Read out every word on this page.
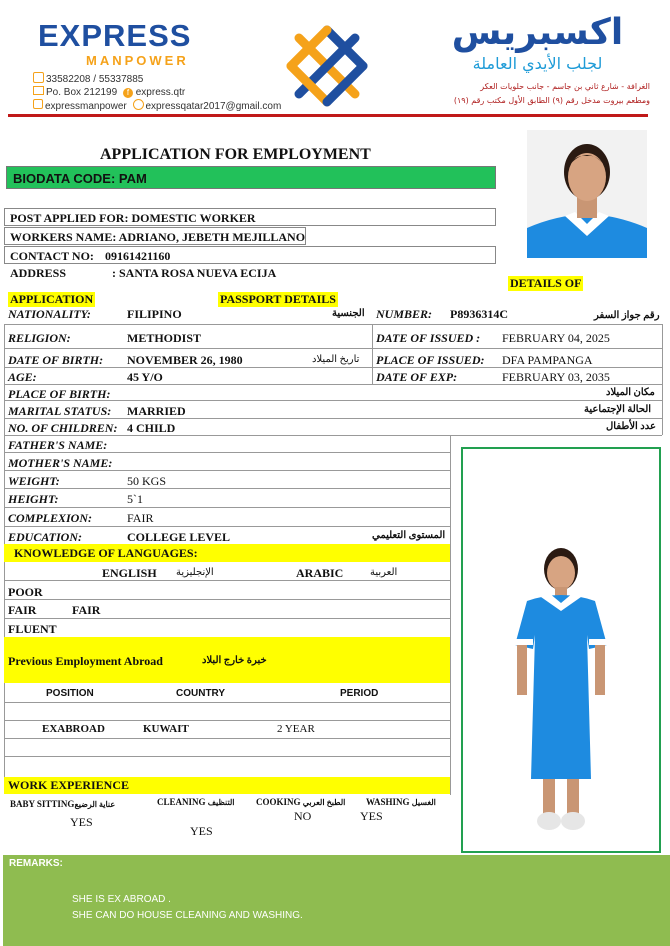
EXPRESS
MANPOWER
33582208 / 55337885
Po. Box 212199 f express.qtr
expressmanpower expressqatar2017@gmail.com
اكسبريس
لجلب الأيدي العاملة
الغرافة - شارع ثاني بن جاسم - جانب حلويات العكر
ومطعم بيروت مدخل رقم (٩) الطابق الأول مكتب رقم (١٩)
APPLICATION FOR EMPLOYMENT
BIODATA CODE: PAM
POST APPLIED FOR: DOMESTIC WORKER
WORKERS NAME: ADRIANO, JEBETH MEJILLANO
CONTACT NO: 09161421160
ADDRESS	: SANTA ROSA NUEVA ECIJA
DETAILS OF
APPLICATION	PASSPORT DETAILS
NATIONALITY:	FILIPINO	الجنسية NUMBER: P8936314C	رقم جواز السفر
RELIGION:	METHODIST	DATE OF ISSUED : FEBRUARY 04, 2025
DATE OF BIRTH: NOVEMBER 26, 1980	تاريخ الميلاد PLACE OF ISSUED: DFA PAMPANGA
AGE:	45 Y/O	DATE OF EXP:	FEBRUARY 03, 2035
PLACE OF BIRTH:	مكان الميلاد
MARITAL STATUS: MARRIED	الحالة الإجتماعية
NO. OF CHILDREN: 4 CHILD	عدد الأطفال
FATHER'S NAME:
MOTHER'S NAME:
WEIGHT:	50 KGS
HEIGHT:	5`1
COMPLEXION:	FAIR
EDUCATION:	COLLEGE LEVEL	المستوى التعليمي
KNOWLEDGE OF LANGUAGES:
ENGLISH الإنجليزية	ARABIC	العربية
POOR
FAIR	FAIR
FLUENT
Previous Employment Abroad	خبرة خارج البلاد
POSITION	COUNTRY	PERIOD
EXABROAD	KUWAIT	2 YEAR
WORK EXPERIENCE
BABY SITTINGعناية الرضيع
YES
CLEANING التنظيف
YES
COOKING الطبخ العربي
NO
WASHING الغسيل
YES
REMARKS:
SHE IS EX ABROAD .
SHE CAN DO HOUSE CLEANING AND WASHING.
